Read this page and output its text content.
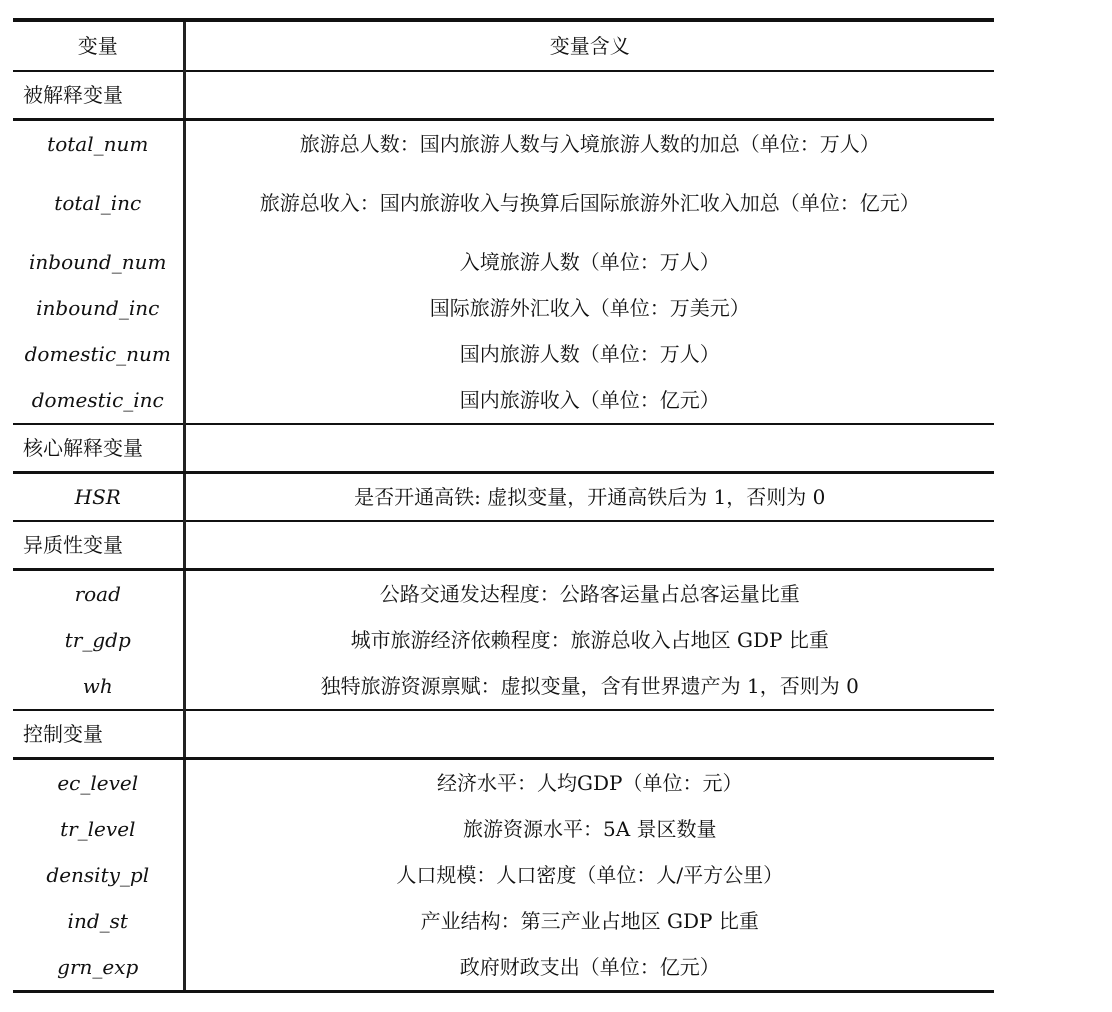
变量	变量含义
被解释变量	
total_num	旅游总人数：国内旅游人数与入境旅游人数的加总（单位：万人）
total_inc	旅游总收入：国内旅游收入与换算后国际旅游外汇收入加总（单位：亿元）
inbound_num	入境旅游人数（单位：万人）
inbound_inc	国际旅游外汇收入（单位：万美元）
domestic_num	国内旅游人数（单位：万人）
domestic_inc	国内旅游收入（单位：亿元）
核心解释变量	
HSR	是否开通高铁: 虚拟变量，开通高铁后为 1，否则为 0
异质性变量	
road	公路交通发达程度：公路客运量占总客运量比重
tr_gdp	城市旅游经济依赖程度：旅游总收入占地区 GDP 比重
wh	独特旅游资源禀赋：虚拟变量，含有世界遗产为 1，否则为 0
控制变量	
ec_level	经济水平：人均GDP（单位：元）
tr_level	旅游资源水平：5A 景区数量
density_pl	人口规模：人口密度（单位：人/平方公里）
ind_st	产业结构：第三产业占地区 GDP 比重
grn_exp	政府财政支出（单位：亿元）
